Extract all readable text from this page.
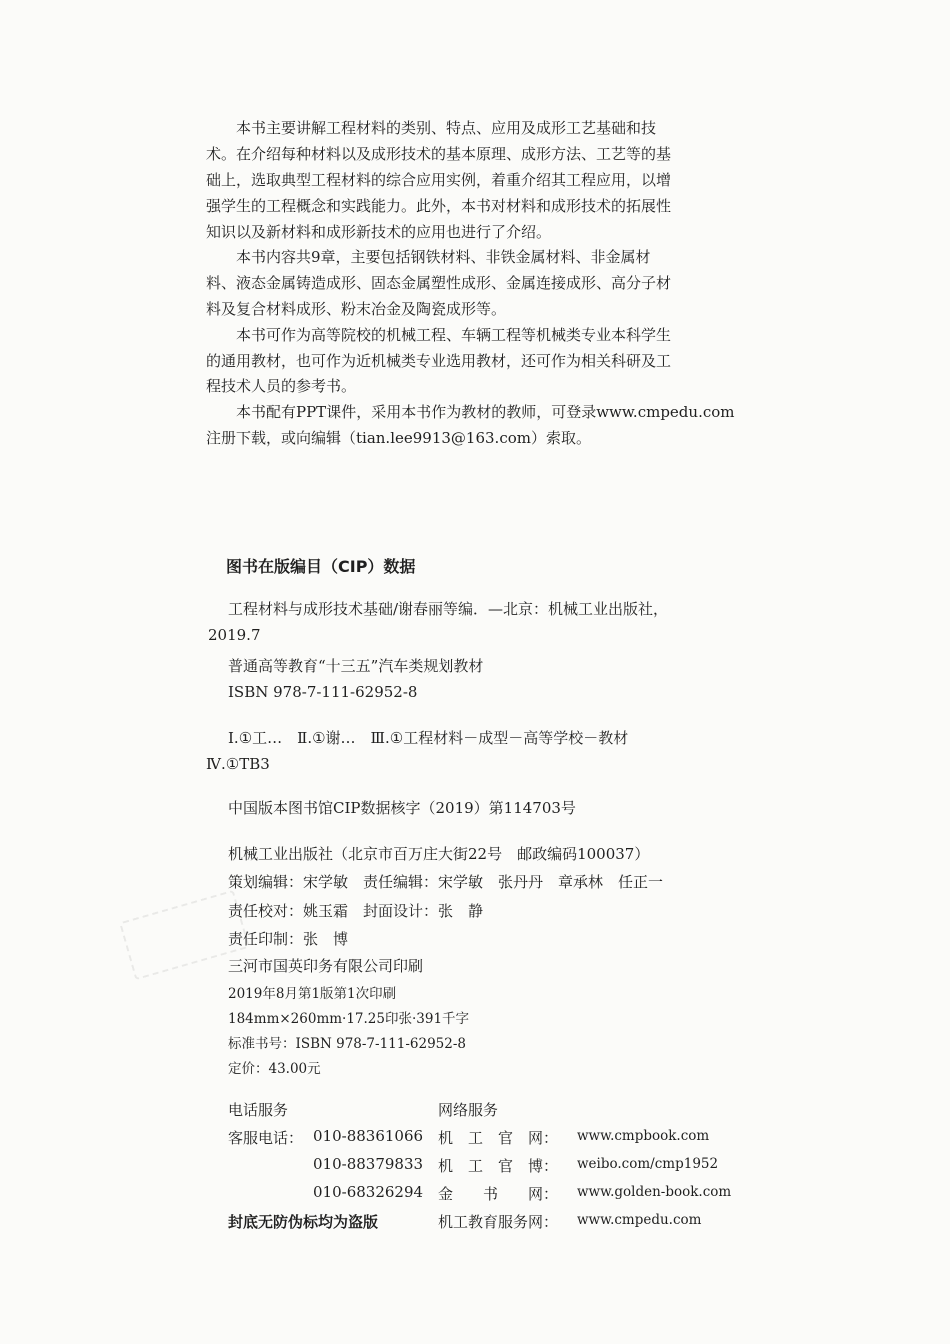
本书主要讲解工程材料的类别、特点、应用及成形工艺基础和技
术。在介绍每种材料以及成形技术的基本原理、成形方法、工艺等的基
础上，选取典型工程材料的综合应用实例，着重介绍其工程应用，以增
强学生的工程概念和实践能力。此外，本书对材料和成形技术的拓展性
知识以及新材料和成形新技术的应用也进行了介绍。
本书内容共9章，主要包括钢铁材料、非铁金属材料、非金属材
料、液态金属铸造成形、固态金属塑性成形、金属连接成形、高分子材
料及复合材料成形、粉末冶金及陶瓷成形等。
本书可作为高等院校的机械工程、车辆工程等机械类专业本科学生
的通用教材，也可作为近机械类专业选用教材，还可作为相关科研及工
程技术人员的参考书。
本书配有PPT课件，采用本书作为教材的教师，可登录www.cmpedu.com
注册下载，或向编辑（tian.lee9913@163.com）索取。
图书在版编目（CIP）数据
工程材料与成形技术基础/谢春丽等编．—北京：机械工业出版社，
2019.7
普通高等教育“十三五”汽车类规划教材
ISBN 978-7-111-62952-8
Ⅰ.①工…　Ⅱ.①谢…　Ⅲ.①工程材料－成型－高等学校－教材
Ⅳ.①TB3
中国版本图书馆CIP数据核字（2019）第114703号
机械工业出版社（北京市百万庄大街22号　邮政编码100037）
策划编辑：宋学敏　责任编辑：宋学敏　张丹丹　章承林　任正一
责任校对：姚玉霜　封面设计：张　静
责任印制：张　博
三河市国英印务有限公司印刷
2019年8月第1版第1次印刷
184mm×260mm·17.25印张·391千字
标准书号：ISBN 978-7-111-62952-8
定价：43.00元
电话服务	网络服务
客服电话： 010-88361066
010-88379833
010-68326294
机　工　官　网： www.cmpbook.com
机　工　官　博： weibo.com/cmp1952
金　　书　　网： www.golden-book.com
封底无防伪标均为盗版	机工教育服务网： www.cmpedu.com
